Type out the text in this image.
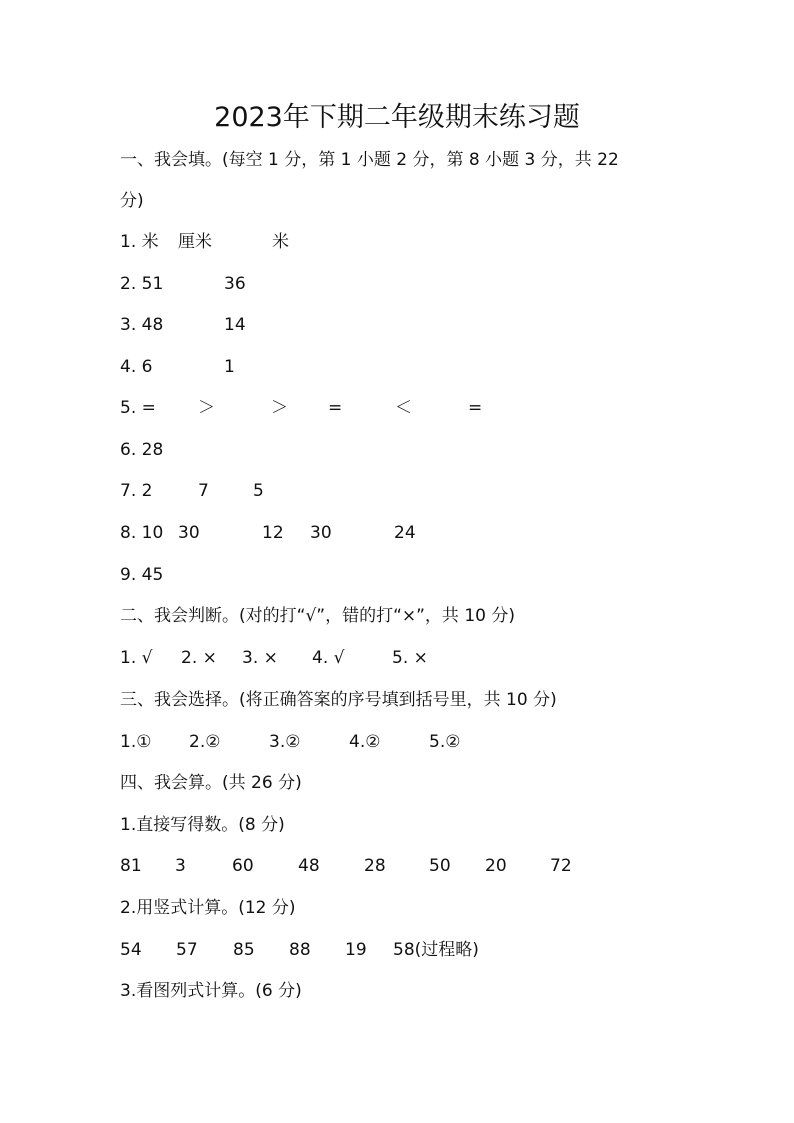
2023年下期二年级期末练习题
一、我会填。(每空 1 分，第 1 小题 2 分，第 8 小题 3 分，共 22
分)
1. 米 厘米	米
2. 51	36
3. 48	14
4. 6	1
5. = ＞	＞ =	＜	=
6. 28
7. 2	7	5
8. 10 30	12 30	24
9. 45
二、我会判断。(对的打“√”，错的打“×”，共 10 分)
1. √ 2. × 3. × 4. √	5. ×
三、我会选择。(将正确答案的序号填到括号里，共 10 分)
1.① 2.②	3.②	4.②	5.②
四、我会算。(共 26 分)
1.直接写得数。(8 分)
81 3	60	48	28	50 20	72
2.用竖式计算。(12 分)
54 57 85 88 19 58(过程略)
3.看图列式计算。(6 分)
